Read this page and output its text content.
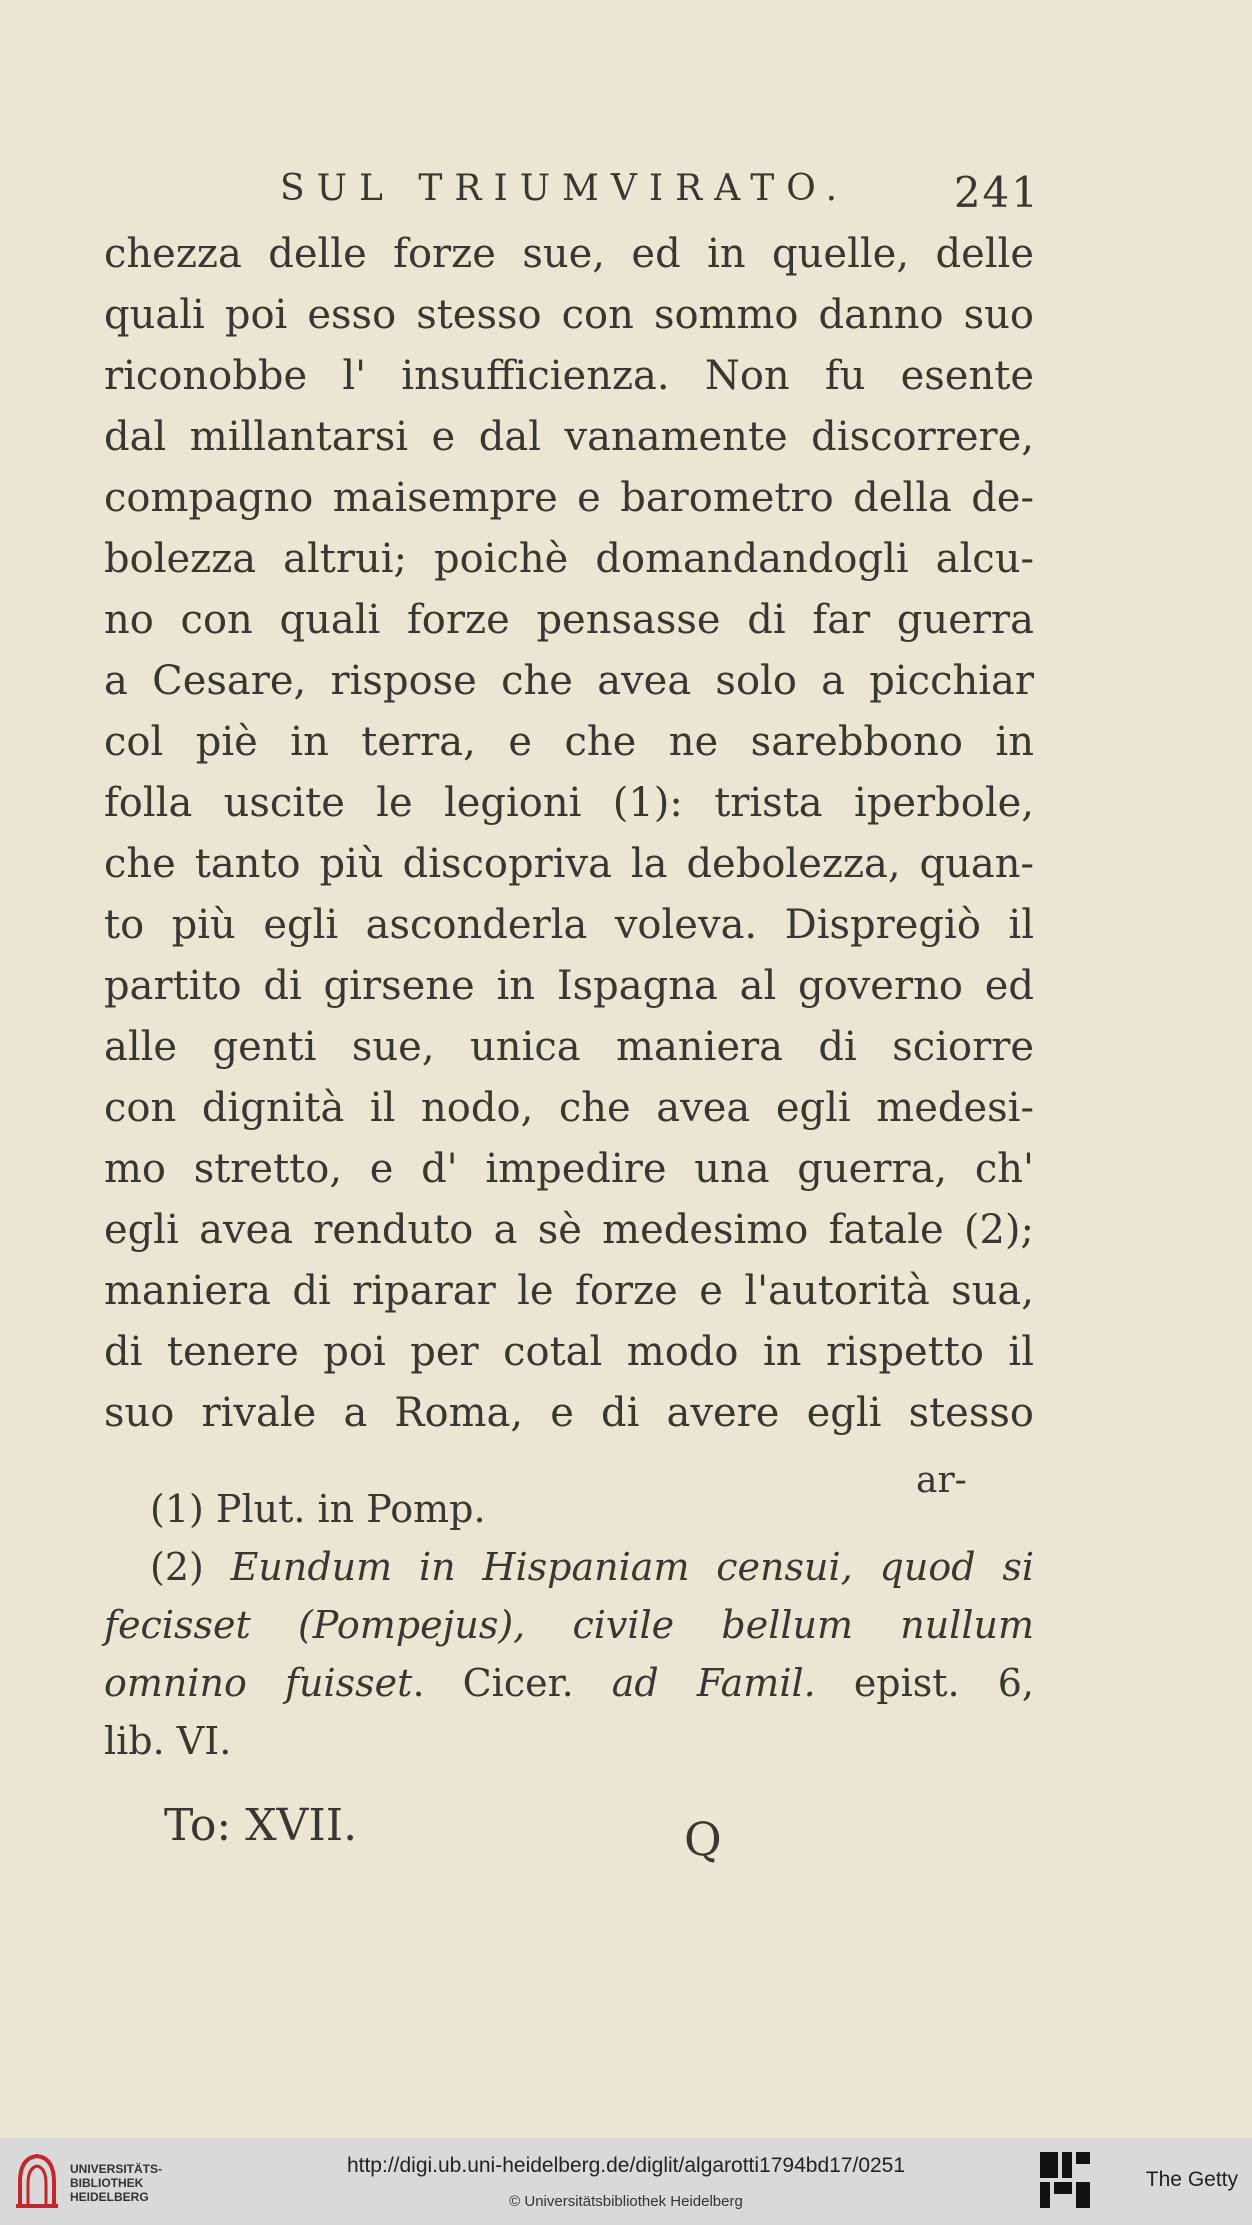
SUL TRIUMVIRATO. 241
chezza delle forze sue, ed in quelle, delle
quali poi esso stesso con sommo danno suo
riconobbe l' insufficienza. Non fu esente
dal millantarsi e dal vanamente discorrere,
compagno maisempre e barometro della de-
bolezza altrui; poichè domandandogli alcu-
no con quali forze pensasse di far guerra
a Cesare, rispose che avea solo a picchiar
col piè in terra, e che ne sarebbono in
folla uscite le legioni (1): trista iperbole,
che tanto più discopriva la debolezza, quan-
to più egli asconderla voleva. Dispregiò il
partito di girsene in Ispagna al governo ed
alle genti sue, unica maniera di sciorre
con dignità il nodo, che avea egli medesi-
mo stretto, e d' impedire una guerra, ch'
egli avea renduto a sè medesimo fatale (2);
maniera di riparar le forze e l'autorità sua,
di tenere poi per cotal modo in rispetto il
suo rivale a Roma, e di avere egli stesso
ar-
(1) Plut. in Pomp.
(2) Eundum in Hispaniam censui, quod si
fecisset (Pompejus), civile bellum nullum
omnino fuisset. Cicer. ad Famil. epist. 6,
lib. VI.
To: XVII.	Q
UNIVERSITÄTS-
BIBLIOTHEK
HEIDELBERG
http://digi.ub.uni-heidelberg.de/diglit/algarotti1794bd17/0251
© Universitätsbibliothek Heidelberg
The Getty
